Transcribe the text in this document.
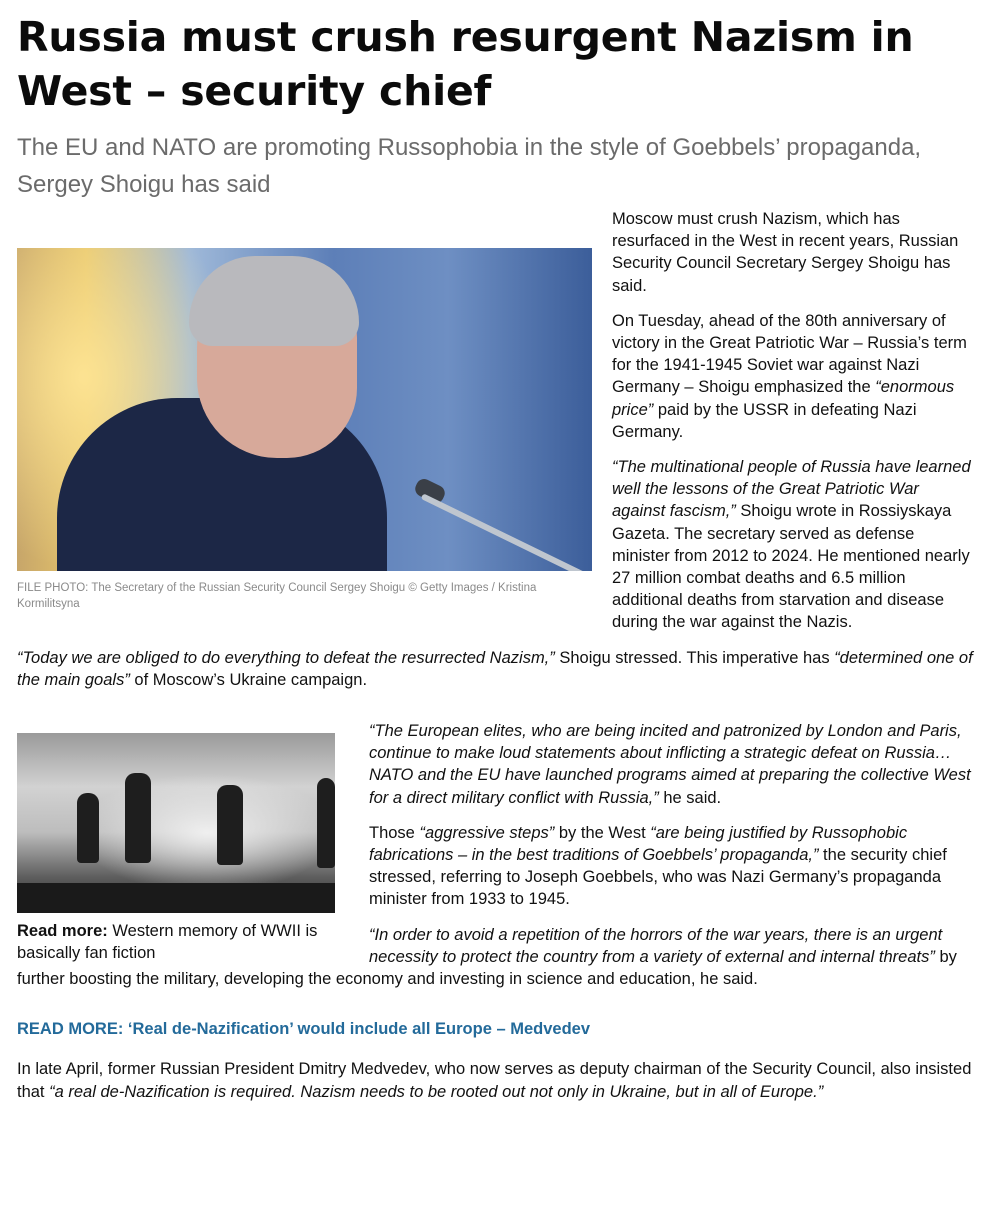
Russia must crush resurgent Nazism in West – security chief
The EU and NATO are promoting Russophobia in the style of Goebbels’ propaganda, Sergey Shoigu has said
FILE PHOTO: The Secretary of the Russian Security Council Sergey Shoigu © Getty Images / Kristina Kormilitsyna

Moscow must crush Nazism, which has resurfaced in the West in recent years, Russian Security Council Secretary Sergey Shoigu has said.

On Tuesday, ahead of the 80th anniversary of victory in the Great Patriotic War – Russia’s term for the 1941-1945 Soviet war against Nazi Germany – Shoigu emphasized the “enormous price” paid by the USSR in defeating Nazi Germany.

“The multinational people of Russia have learned well the lessons of the Great Patriotic War against fascism,” Shoigu wrote in Rossiyskaya Gazeta. The secretary served as defense minister from 2012 to 2024. He mentioned nearly 27 million combat deaths and 6.5 million additional deaths from starvation and disease during the war against the Nazis.

“Today we are obliged to do everything to defeat the resurrected Nazism,” Shoigu stressed. This imperative has “determined one of the main goals” of Moscow’s Ukraine campaign.

Read more: Western memory of WWII is basically fan fiction

“The European elites, who are being incited and patronized by London and Paris, continue to make loud statements about inflicting a strategic defeat on Russia… NATO and the EU have launched programs aimed at preparing the collective West for a direct military conflict with Russia,” he said.

Those “aggressive steps” by the West “are being justified by Russophobic fabrications – in the best traditions of Goebbels’ propaganda,” the security chief stressed, referring to Joseph Goebbels, who was Nazi Germany’s propaganda minister from 1933 to 1945.

“In order to avoid a repetition of the horrors of the war years, there is an urgent necessity to protect the country from a variety of external and internal threats” by further boosting the military, developing the economy and investing in science and education, he said.

READ MORE: ‘Real de-Nazification’ would include all Europe – Medvedev

In late April, former Russian President Dmitry Medvedev, who now serves as deputy chairman of the Security Council, also insisted that “a real de-Nazification is required. Nazism needs to be rooted out not only in Ukraine, but in all of Europe.”
